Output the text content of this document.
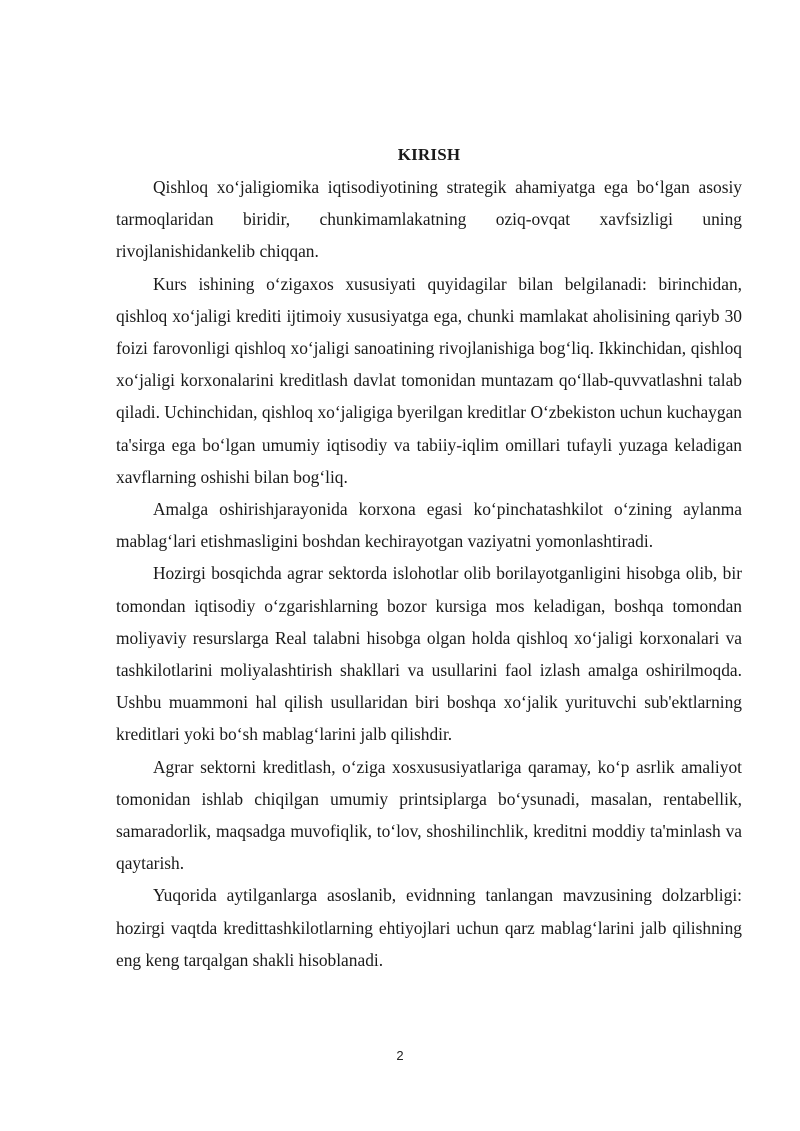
KIRISH

Qishloq xo‘jaligiomika iqtisodiyotining strategik ahamiyatga ega bo‘lgan asosiy tarmoqlaridan biridir, chunkimamlakatning oziq-ovqat xavfsizligi uning rivojlanishidankelib chiqqan.

Kurs ishining o‘zigaxos xususiyati quyidagilar bilan belgilanadi: birinchidan, qishloq xo‘jaligi krediti ijtimoiy xususiyatga ega, chunki mamlakat aholisining qariyb 30 foizi farovonligi qishloq xo‘jaligi sanoatining rivojlanishiga bog‘liq. Ikkinchidan, qishloq xo‘jaligi korxonalarini kreditlash davlat tomonidan muntazam qo‘llab-quvvatlashni talab qiladi. Uchinchidan, qishloq xo‘jaligiga byerilgan kreditlar O‘zbekiston uchun kuchaygan ta'sirga ega bo‘lgan umumiy iqtisodiy va tabiiy-iqlim omillari tufayli yuzaga keladigan xavflarning oshishi bilan bog‘liq.

Amalga oshirishjarayonida korxona egasi ko‘pinchatashkilot o‘zining aylanma mablag‘lari etishmasligini boshdan kechirayotgan vaziyatni yomonlashtiradi.

Hozirgi bosqichda agrar sektorda islohotlar olib borilayotganligini hisobga olib, bir tomondan iqtisodiy o‘zgarishlarning bozor kursiga mos keladigan, boshqa tomondan moliyaviy resurslarga Real talabni hisobga olgan holda qishloq xo‘jaligi korxonalari va tashkilotlarini moliyalashtirish shakllari va usullarini faol izlash amalga oshirilmoqda. Ushbu muammoni hal qilish usullaridan biri boshqa xo‘jalik yurituvchi sub'ektlarning kreditlari yoki bo‘sh mablag‘larini jalb qilishdir.

Agrar sektorni kreditlash, o‘ziga xosxususiyatlariga qaramay, ko‘p asrlik amaliyot tomonidan ishlab chiqilgan umumiy printsiplarga bo‘ysunadi, masalan, rentabellik, samaradorlik, maqsadga muvofiqlik, to‘lov, shoshilinchlik, kreditni moddiy ta'minlash va qaytarish.

Yuqorida aytilganlarga asoslanib, evidnning tanlangan mavzusining dolzarbligi: hozirgi vaqtda kredittashkilotlarning ehtiyojlari uchun qarz mablag‘larini jalb qilishning eng keng tarqalgan shakli hisoblanadi.

2
